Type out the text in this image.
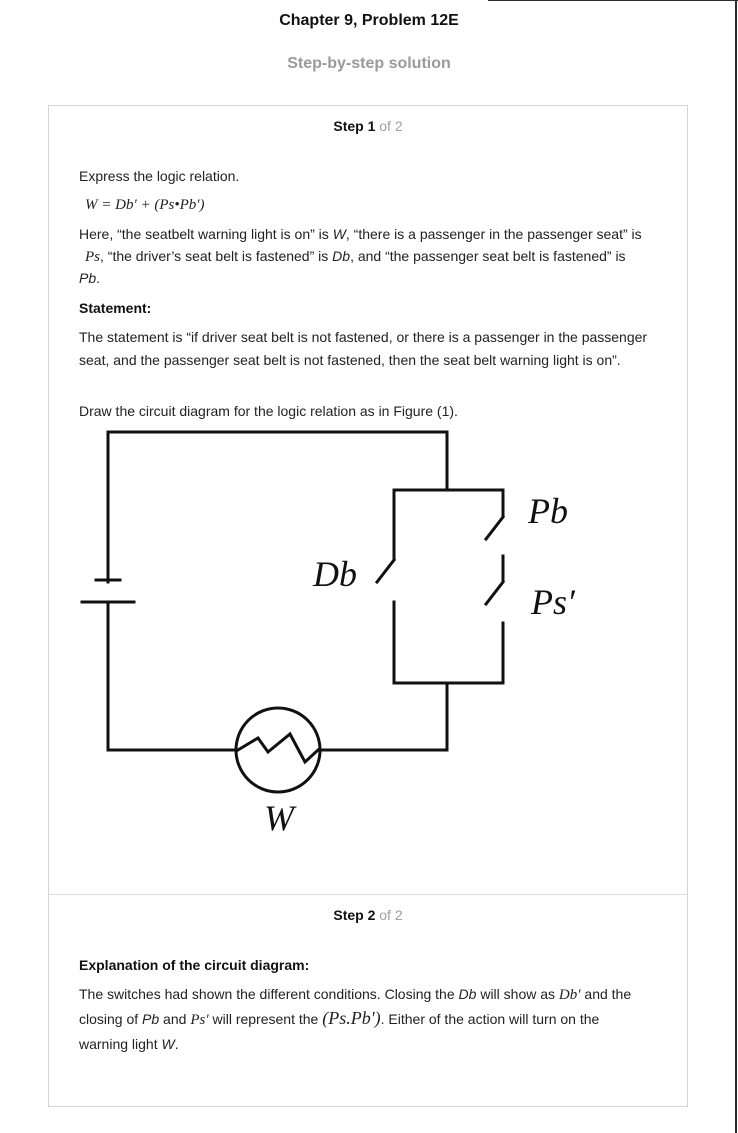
Chapter 9, Problem 12E
Step-by-step solution
Step 1 of 2
Express the logic relation.
W = Db′ + (Ps•Pb′)
Here, “the seatbelt warning light is on” is W, “there is a passenger in the passenger seat” is
Ps, “the driver’s seat belt is fastened” is Db, and “the passenger seat belt is fastened” is
Pb.
Statement:
The statement is “if driver seat belt is not fastened, or there is a passenger in the passenger seat, and the passenger seat belt is not fastened, then the seat belt warning light is on”.
Draw the circuit diagram for the logic relation as in Figure (1).
Pb
Db
Ps′
W
Step 2 of 2
Explanation of the circuit diagram:
The switches had shown the different conditions. Closing the Db will show as Db′ and the
closing of Pb and Ps′ will represent the (Ps.Pb′). Either of the action will turn on the
warning light W.
